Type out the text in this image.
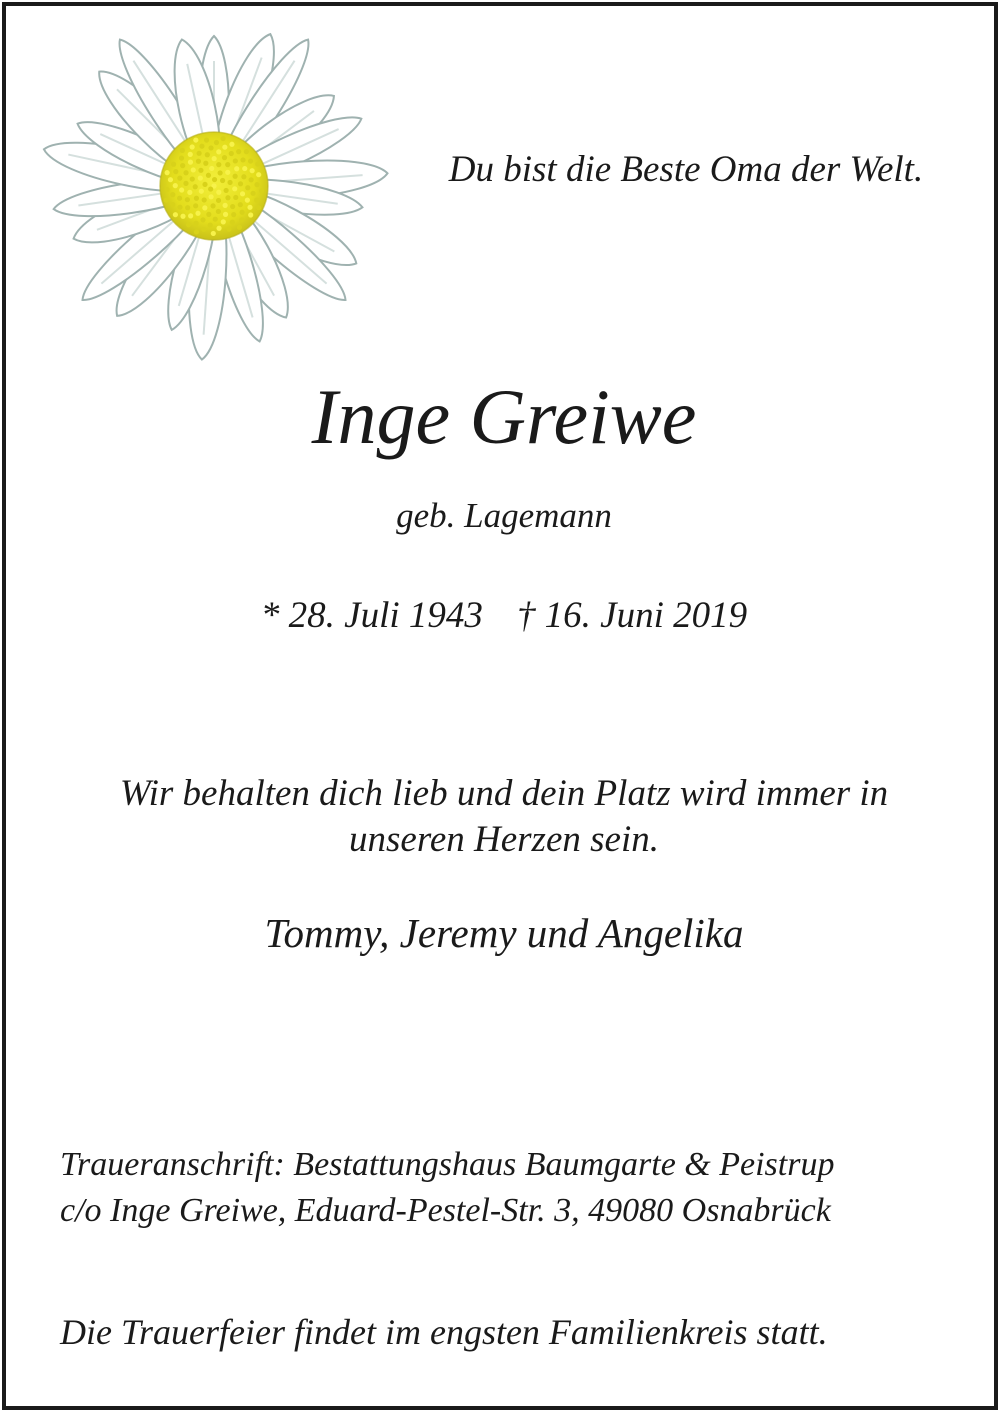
Du bist die Beste Oma der Welt.
Inge Greiwe
geb. Lagemann
* 28. Juli 1943 † 16. Juni 2019
Wir behalten dich lieb und dein Platz wird immer in
unseren Herzen sein.
Tommy, Jeremy und Angelika
Traueranschrift: Bestattungshaus Baumgarte & Peistrup
c/o Inge Greiwe, Eduard-Pestel-Str. 3, 49080 Osnabrück
Die Trauerfeier findet im engsten Familienkreis statt.
